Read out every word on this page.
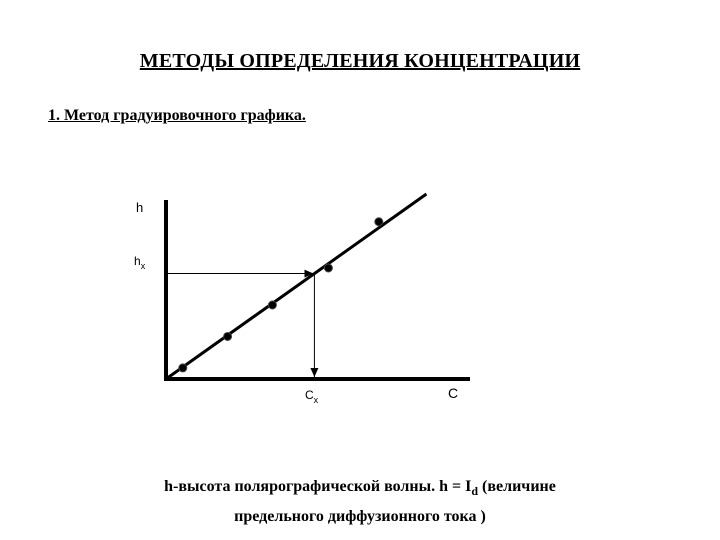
МЕТОДЫ ОПРЕДЕЛЕНИЯ КОНЦЕНТРАЦИИ
1. Метод градуировочного графика.
h
C
$h_x$
$C_x$
h-высота полярографической волны. $h = I_d$ (величине
предельного диффузионного тока )
